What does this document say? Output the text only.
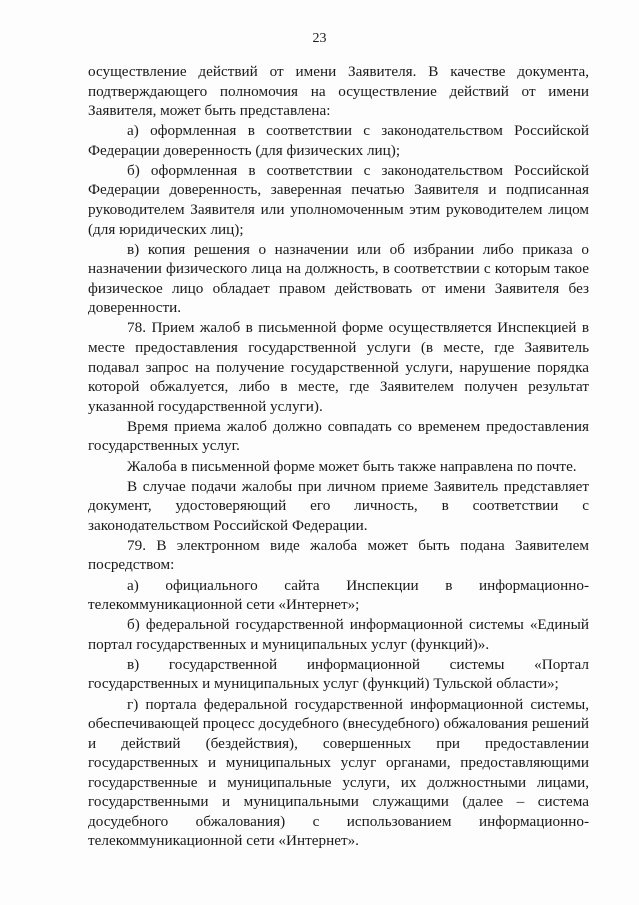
23

осуществление действий от имени Заявителя. В качестве документа, подтверждающего полномочия на осуществление действий от имени Заявителя, может быть представлена:

а) оформленная в соответствии с законодательством Российской Федерации доверенность (для физических лиц);

б) оформленная в соответствии с законодательством Российской Федерации доверенность, заверенная печатью Заявителя и подписанная руководителем Заявителя или уполномоченным этим руководителем лицом (для юридических лиц);

в) копия решения о назначении или об избрании либо приказа о назначении физического лица на должность, в соответствии с которым такое физическое лицо обладает правом действовать от имени Заявителя без доверенности.

78. Прием жалоб в письменной форме осуществляется Инспекцией в месте предоставления государственной услуги (в месте, где Заявитель подавал запрос на получение государственной услуги, нарушение порядка которой обжалуется, либо в месте, где Заявителем получен результат указанной государственной услуги).

Время приема жалоб должно совпадать со временем предоставления государственных услуг.

Жалоба в письменной форме может быть также направлена по почте.

В случае подачи жалобы при личном приеме Заявитель представляет документ, удостоверяющий его личность, в соответствии с законодательством Российской Федерации.

79. В электронном виде жалоба может быть подана Заявителем посредством:

а) официального сайта Инспекции в информационно-телекоммуникационной сети «Интернет»;

б) федеральной государственной информационной системы «Единый портал государственных и муниципальных услуг (функций)».

в) государственной информационной системы «Портал государственных и муниципальных услуг (функций) Тульской области»;

г) портала федеральной государственной информационной системы, обеспечивающей процесс досудебного (внесудебного) обжалования решений и действий (бездействия), совершенных при предоставлении государственных и муниципальных услуг органами, предоставляющими государственные и муниципальные услуги, их должностными лицами, государственными и муниципальными служащими (далее – система досудебного обжалования) с использованием информационно-телекоммуникационной сети «Интернет».
